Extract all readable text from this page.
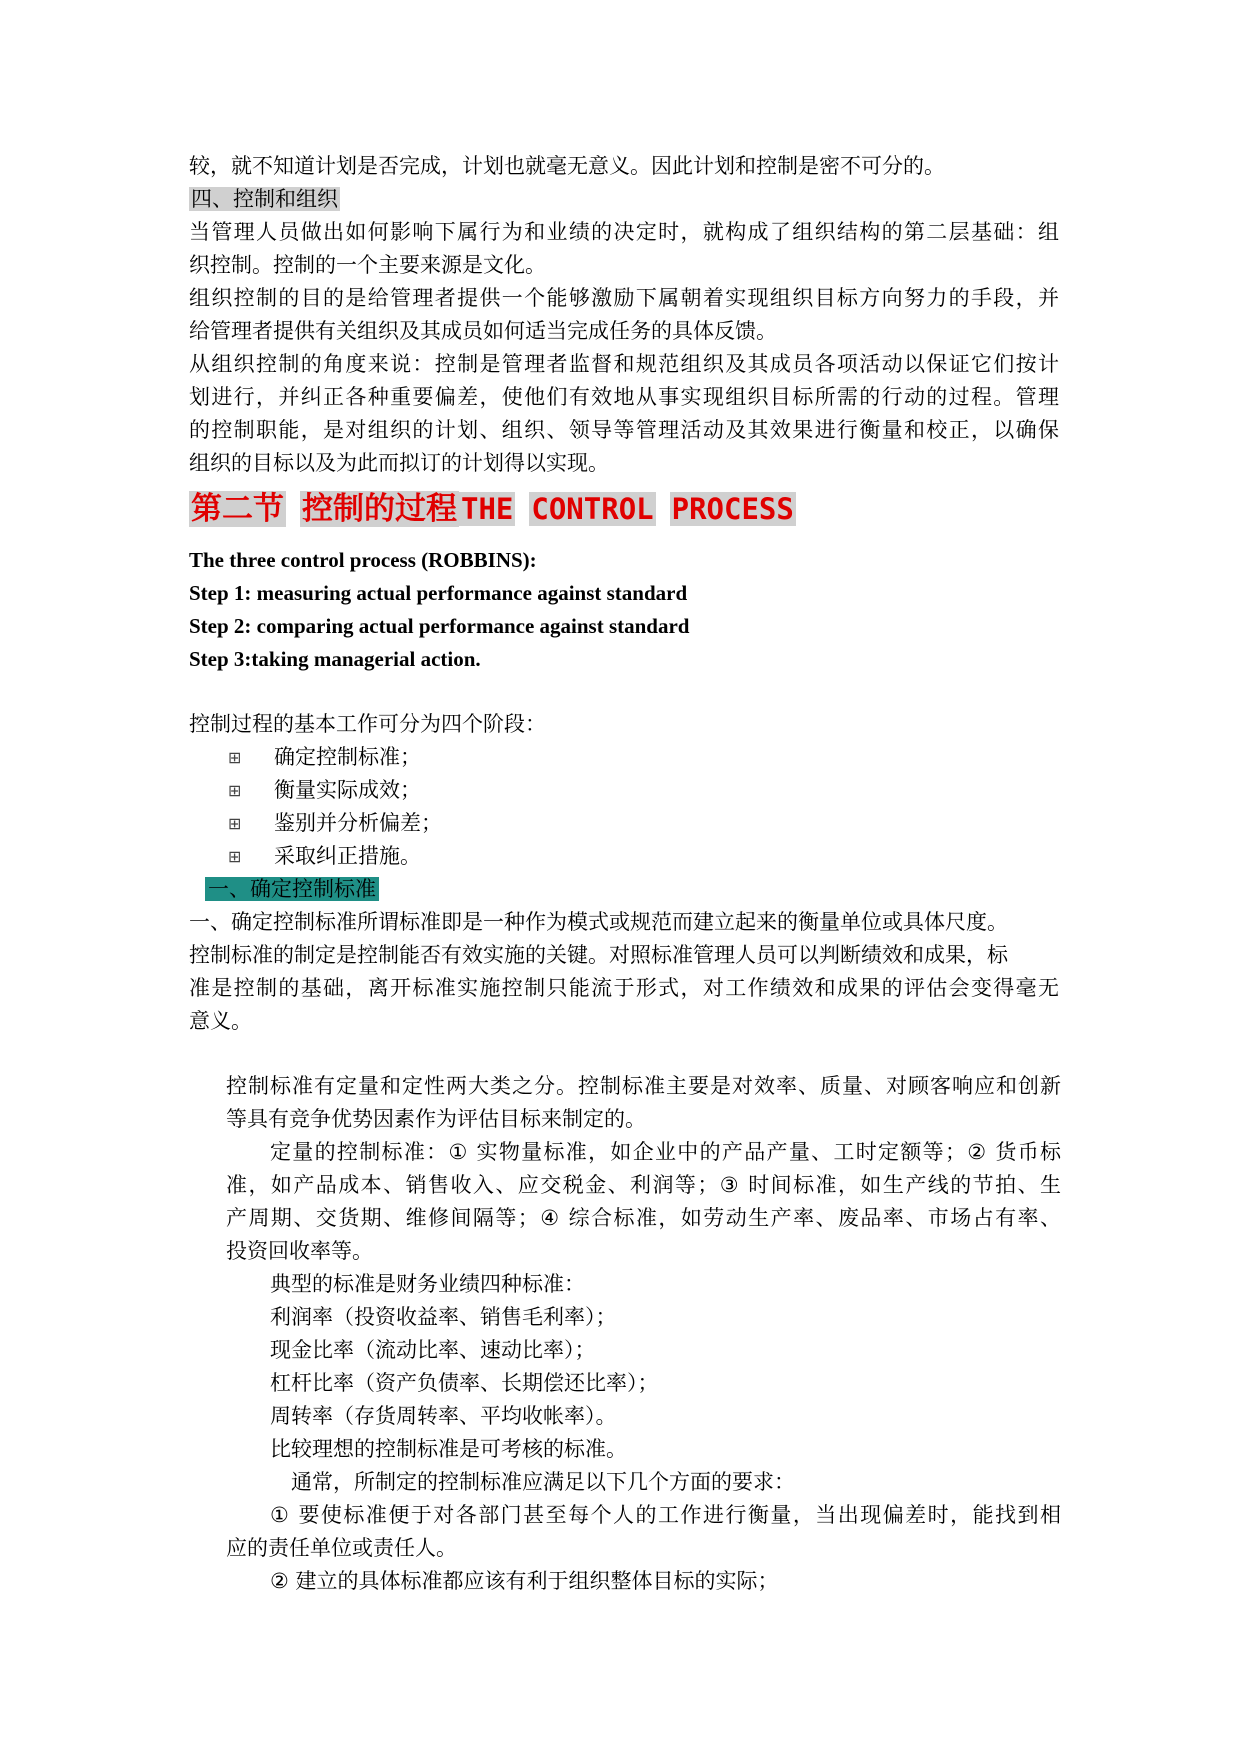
较，就不知道计划是否完成，计划也就毫无意义。因此计划和控制是密不可分的。
四、控制和组织
当管理人员做出如何影响下属行为和业绩的决定时，就构成了组织结构的第二层基础：组
织控制。控制的一个主要来源是文化。
组织控制的目的是给管理者提供一个能够激励下属朝着实现组织目标方向努力的手段，并
给管理者提供有关组织及其成员如何适当完成任务的具体反馈。
从组织控制的角度来说：控制是管理者监督和规范组织及其成员各项活动以保证它们按计
划进行，并纠正各种重要偏差，使他们有效地从事实现组织目标所需的行动的过程。管理
的控制职能，是对组织的计划、组织、领导等管理活动及其效果进行衡量和校正，以确保
组织的目标以及为此而拟订的计划得以实现。
第二节 控制的过程 THE CONTROL PROCESS
The three control process (ROBBINS):
Step 1: measuring actual performance against standard
Step 2: comparing actual performance against standard
Step 3:taking managerial action.
控制过程的基本工作可分为四个阶段：
⊞ 确定控制标准；
⊞ 衡量实际成效；
⊞ 鉴别并分析偏差；
⊞ 采取纠正措施。
一、确定控制标准
一、确定控制标准所谓标准即是一种作为模式或规范而建立起来的衡量单位或具体尺度。
控制标准的制定是控制能否有效实施的关键。对照标准管理人员可以判断绩效和成果，标
准是控制的基础，离开标准实施控制只能流于形式，对工作绩效和成果的评估会变得毫无
意义。
控制标准有定量和定性两大类之分。控制标准主要是对效率、质量、对顾客响应和创新
等具有竞争优势因素作为评估目标来制定的。
定量的控制标准：① 实物量标准，如企业中的产品产量、工时定额等；② 货币标
准，如产品成本、销售收入、应交税金、利润等；③ 时间标准，如生产线的节拍、生
产周期、交货期、维修间隔等；④ 综合标准，如劳动生产率、废品率、市场占有率、
投资回收率等。
典型的标准是财务业绩四种标准：
利润率（投资收益率、销售毛利率）；
现金比率（流动比率、速动比率）；
杠杆比率（资产负债率、长期偿还比率）；
周转率（存货周转率、平均收帐率）。
比较理想的控制标准是可考核的标准。
通常，所制定的控制标准应满足以下几个方面的要求：
① 要使标准便于对各部门甚至每个人的工作进行衡量，当出现偏差时，能找到相
应的责任单位或责任人。
② 建立的具体标准都应该有利于组织整体目标的实际；
